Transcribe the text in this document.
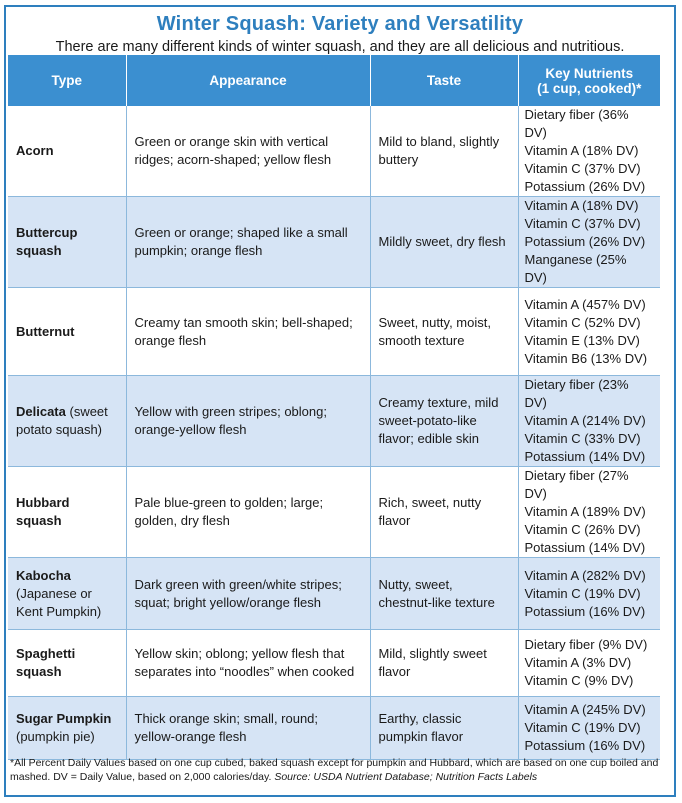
Winter Squash: Variety and Versatility
There are many different kinds of winter squash, and they are all delicious and nutritious.
Type	Appearance	Taste	Key Nutrients
(1 cup, cooked)*

Acorn	Green or orange skin with vertical ridges; acorn-shaped; yellow flesh	Mild to bland, slightly buttery	Dietary fiber (36% DV)
Vitamin A (18% DV)
Vitamin C (37% DV)
Potassium (26% DV)

Buttercup squash	Green or orange; shaped like a small pumpkin; orange flesh	Mildly sweet, dry flesh	Vitamin A (18% DV)
Vitamin C (37% DV)
Potassium (26% DV)
Manganese (25% DV)

Butternut	Creamy tan smooth skin; bell-shaped; orange flesh	Sweet, nutty, moist, smooth texture	Vitamin A (457% DV)
Vitamin C (52% DV)
Vitamin E (13% DV)
Vitamin B6 (13% DV)

Delicata (sweet potato squash)	Yellow with green stripes; oblong; orange-yellow flesh	Creamy texture, mild sweet-potato-like flavor; edible skin	Dietary fiber (23% DV)
Vitamin A (214% DV)
Vitamin C (33% DV)
Potassium (14% DV)

Hubbard squash	Pale blue-green to golden; large; golden, dry flesh	Rich, sweet, nutty flavor	Dietary fiber (27% DV)
Vitamin A (189% DV)
Vitamin C (26% DV)
Potassium (14% DV)

Kabocha (Japanese or Kent Pumpkin)	Dark green with green/white stripes; squat; bright yellow/orange flesh	Nutty, sweet, chestnut-like texture	Vitamin A (282% DV)
Vitamin C (19% DV)
Potassium (16% DV)

Spaghetti squash	Yellow skin; oblong; yellow flesh that separates into “noodles” when cooked	Mild, slightly sweet flavor	Dietary fiber (9% DV)
Vitamin A (3% DV)
Vitamin C (9% DV)

Sugar Pumpkin (pumpkin pie)	Thick orange skin; small, round; yellow-orange flesh	Earthy, classic pumpkin flavor	Vitamin A (245% DV)
Vitamin C (19% DV)
Potassium (16% DV)
*All Percent Daily Values based on one cup cubed, baked squash except for pumpkin and Hubbard, which are based on one cup boiled and mashed. DV = Daily Value, based on 2,000 calories/day. Source: USDA Nutrient Database; Nutrition Facts Labels
